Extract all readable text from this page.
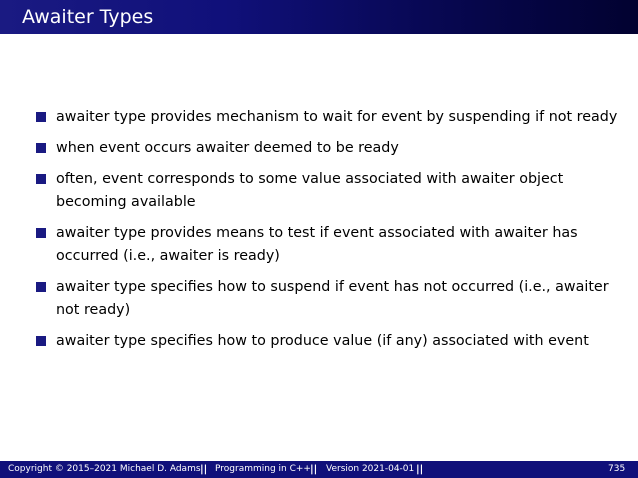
Awaiter Types
awaiter type provides mechanism to wait for event by suspending if not ready
when event occurs awaiter deemed to be ready
often, event corresponds to some value associated with awaiter object becoming available
awaiter type provides means to test if event associated with awaiter has occurred (i.e., awaiter is ready)
awaiter type specifies how to suspend if event has not occurred (i.e., awaiter not ready)
awaiter type specifies how to produce value (if any) associated with event
Copyright © 2015–2021 Michael D. Adams || Programming in C++ || Version 2021-04-01 ||	735
